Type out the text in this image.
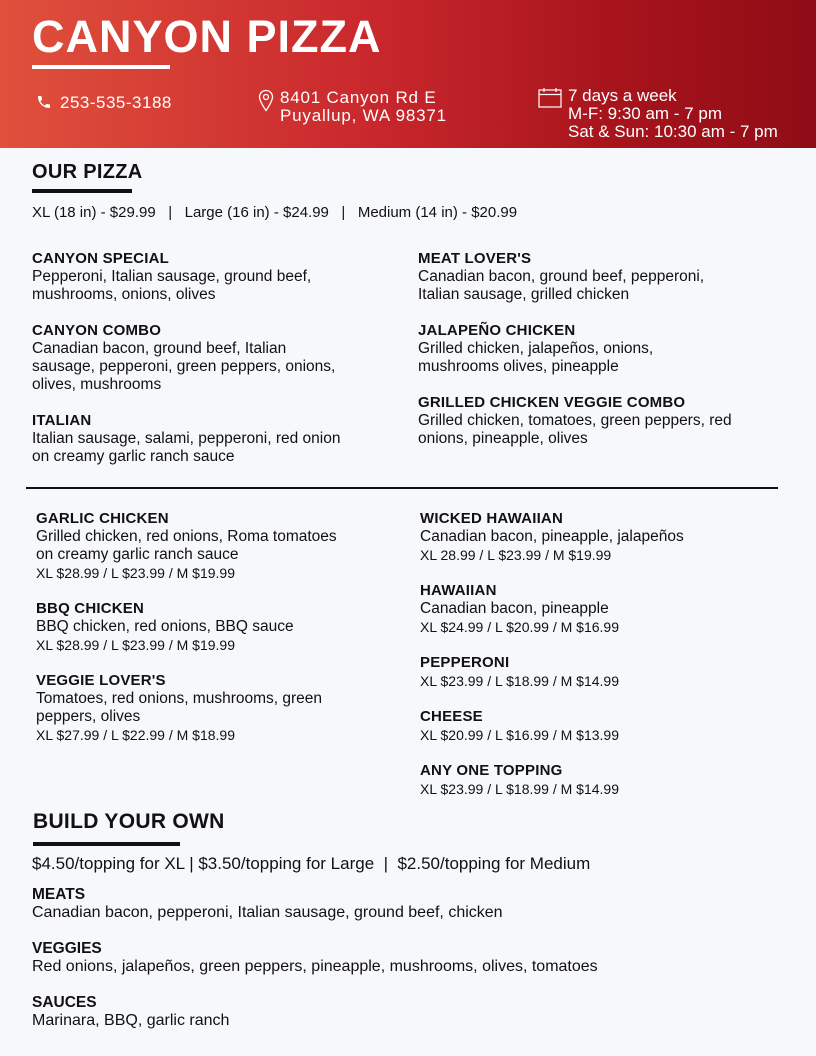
CANYON PIZZA
253-535-3188	8401 Canyon Rd E
Puyallup, WA 98371
7 days a week
M-F: 9:30 am - 7 pm
Sat & Sun: 10:30 am - 7 pm
OUR PIZZA
XL (18 in) - $29.99 | Large (16 in) - $24.99 | Medium (14 in) - $20.99
CANYON SPECIAL
Pepperoni, Italian sausage, ground beef,
mushrooms, onions, olives
CANYON COMBO
Canadian bacon, ground beef, Italian
sausage, pepperoni, green peppers, onions,
olives, mushrooms
ITALIAN
Italian sausage, salami, pepperoni, red onion
on creamy garlic ranch sauce
MEAT LOVER'S
Canadian bacon, ground beef, pepperoni,
Italian sausage, grilled chicken
JALAPEÑO CHICKEN
Grilled chicken, jalapeños, onions,
mushrooms olives, pineapple
GRILLED CHICKEN VEGGIE COMBO
Grilled chicken, tomatoes, green peppers, red
onions, pineapple, olives
GARLIC CHICKEN
Grilled chicken, red onions, Roma tomatoes
on creamy garlic ranch sauce
XL $28.99 / L $23.99 / M $19.99
BBQ CHICKEN
BBQ chicken, red onions, BBQ sauce
XL $28.99 / L $23.99 / M $19.99
VEGGIE LOVER'S
Tomatoes, red onions, mushrooms, green
peppers, olives
XL $27.99 / L $22.99 / M $18.99
WICKED HAWAIIAN
Canadian bacon, pineapple, jalapeños
XL 28.99 / L $23.99 / M $19.99
HAWAIIAN
Canadian bacon, pineapple
XL $24.99 / L $20.99 / M $16.99
PEPPERONI
XL $23.99 / L $18.99 / M $14.99
CHEESE
XL $20.99 / L $16.99 / M $13.99
ANY ONE TOPPING
XL $23.99 / L $18.99 / M $14.99
BUILD YOUR OWN
$4.50/topping for XL | $3.50/topping for Large  |  $2.50/topping for Medium
MEATS
Canadian bacon, pepperoni, Italian sausage, ground beef, chicken
VEGGIES
Red onions, jalapeños, green peppers, pineapple, mushrooms, olives, tomatoes
SAUCES
Marinara, BBQ, garlic ranch
